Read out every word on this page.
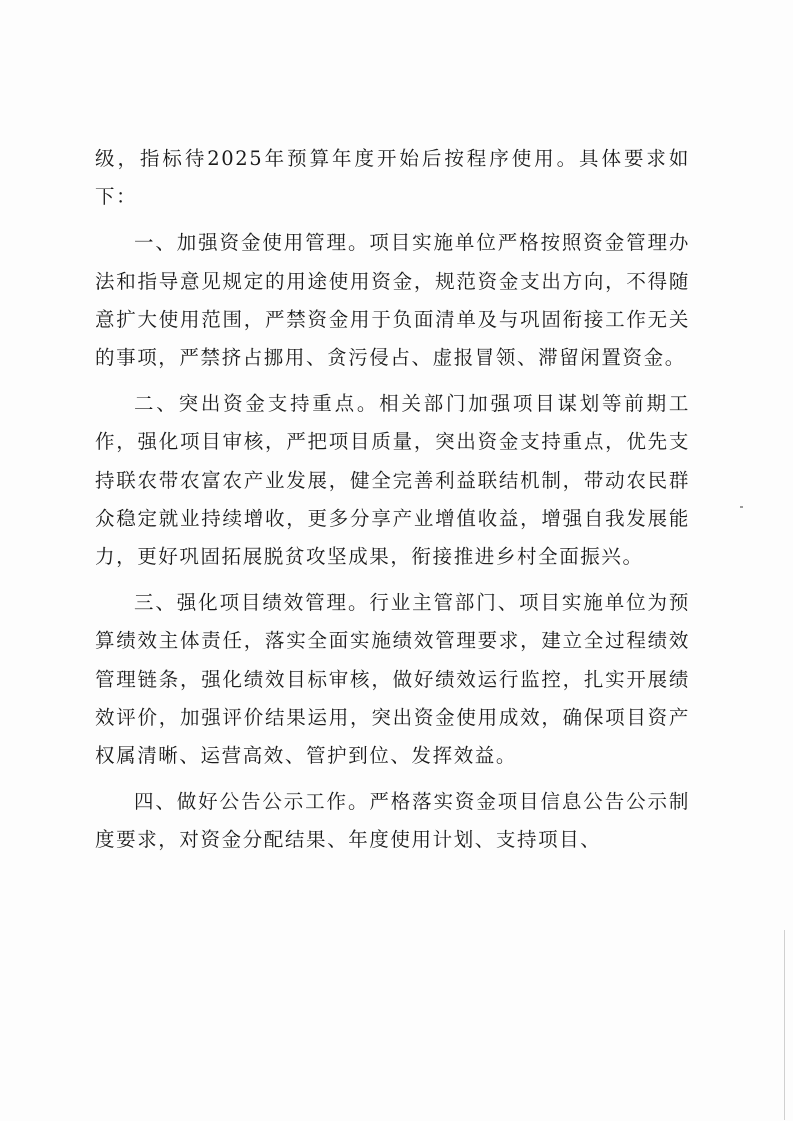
级，指标待2025年预算年度开始后按程序使用。具体要求如下：

一、加强资金使用管理。项目实施单位严格按照资金管理办法和指导意见规定的用途使用资金，规范资金支出方向，不得随意扩大使用范围，严禁资金用于负面清单及与巩固衔接工作无关的事项，严禁挤占挪用、贪污侵占、虚报冒领、滞留闲置资金。

二、突出资金支持重点。相关部门加强项目谋划等前期工作，强化项目审核，严把项目质量，突出资金支持重点，优先支持联农带农富农产业发展，健全完善利益联结机制，带动农民群众稳定就业持续增收，更多分享产业增值收益，增强自我发展能力，更好巩固拓展脱贫攻坚成果，衔接推进乡村全面振兴。

三、强化项目绩效管理。行业主管部门、项目实施单位为预算绩效主体责任，落实全面实施绩效管理要求，建立全过程绩效管理链条，强化绩效目标审核，做好绩效运行监控，扎实开展绩效评价，加强评价结果运用，突出资金使用成效，确保项目资产权属清晰、运营高效、管护到位、发挥效益。

四、做好公告公示工作。严格落实资金项目信息公告公示制度要求，对资金分配结果、年度使用计划、支持项目、
